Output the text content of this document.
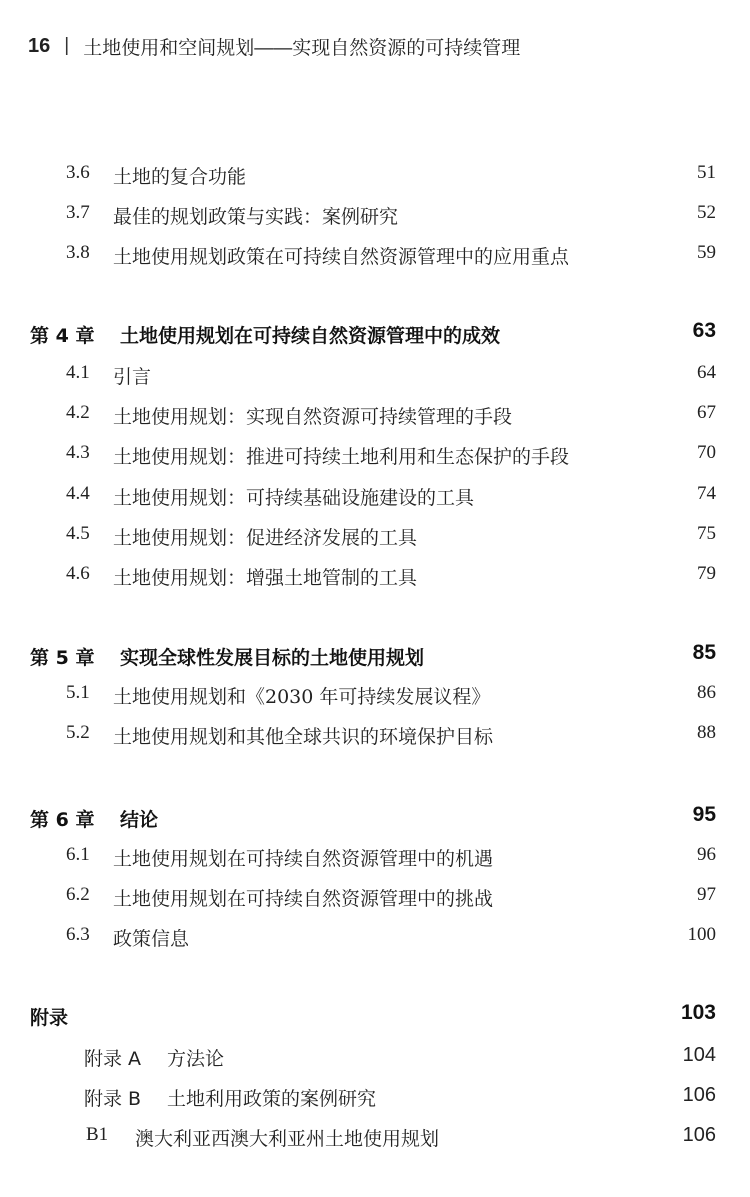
16 | 土地使用和空间规划——实现自然资源的可持续管理
3.6 土地的复合功能	51
3.7 最佳的规划政策与实践：案例研究	52
3.8 土地使用规划政策在可持续自然资源管理中的应用重点	59
第 4 章 土地使用规划在可持续自然资源管理中的成效	63
4.1 引言	64
4.2 土地使用规划：实现自然资源可持续管理的手段	67
4.3 土地使用规划：推进可持续土地利用和生态保护的手段	70
4.4 土地使用规划：可持续基础设施建设的工具	74
4.5 土地使用规划：促进经济发展的工具	75
4.6 土地使用规划：增强土地管制的工具	79
第 5 章 实现全球性发展目标的土地使用规划	85
5.1 土地使用规划和《2030 年可持续发展议程》	86
5.2 土地使用规划和其他全球共识的环境保护目标	88
第 6 章 结论	95
6.1 土地使用规划在可持续自然资源管理中的机遇	96
6.2 土地使用规划在可持续自然资源管理中的挑战	97
6.3 政策信息	100
附录	103
附录 A 方法论	104
附录 B 土地利用政策的案例研究	106
B1 澳大利亚西澳大利亚州土地使用规划	106
